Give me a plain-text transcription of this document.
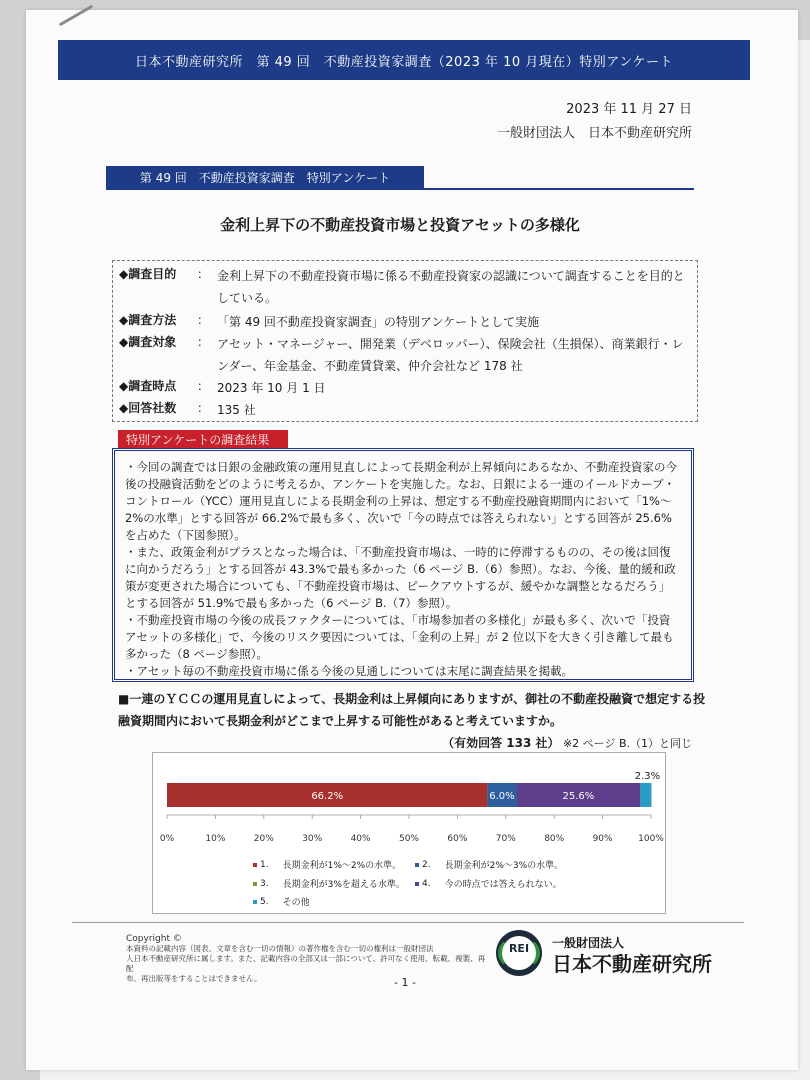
日本不動産研究所　第 49 回　不動産投資家調査（2023 年 10 月現在）特別アンケート
2023 年 11 月 27 日
一般財団法人　日本不動産研究所
第 49 回　不動産投資家調査　特別アンケート
金利上昇下の不動産投資市場と投資アセットの多様化
◆調査目的	： 金利上昇下の不動産投資市場に係る不動産投資家の認識について調査することを目的としている。
◆調査方法	： 「第 49 回不動産投資家調査」の特別アンケートとして実施
◆調査対象	： アセット・マネージャー、開発業（デベロッパー）、保険会社（生損保）、商業銀行・レンダー、年金基金、不動産賃貸業、仲介会社など 178 社
◆調査時点	： 2023 年 10 月 1 日
◆回答社数	： 135 社
特別アンケートの調査結果

・今回の調査では日銀の金融政策の運用見直しによって長期金利が上昇傾向にあるなか、不動産投資家の今後の投融資活動をどのように考えるか、アンケートを実施した。なお、日銀による一連のイールドカーブ・コントロール（YCC）運用見直しによる長期金利の上昇は、想定する不動産投融資期間内において「1%～2%の水準」とする回答が 66.2%で最も多く、次いで「今の時点では答えられない」とする回答が 25.6%を占めた（下図参照）。

・また、政策金利がプラスとなった場合は、「不動産投資市場は、一時的に停滞するものの、その後は回復に向かうだろう」とする回答が 43.3%で最も多かった（6 ページ B.（6）参照）。なお、今後、量的緩和政策が変更された場合についても、「不動産投資市場は、ピークアウトするが、緩やかな調整となるだろう」とする回答が 51.9%で最も多かった（6 ページ B.（7）参照）。

・不動産投資市場の今後の成長ファクターについては、「市場参加者の多様化」が最も多く、次いで「投資アセットの多様化」で、今後のリスク要因については、「金利の上昇」が 2 位以下を大きく引き離して最も多かった（8 ページ参照）。

・アセット毎の不動産投資市場に係る今後の見通しについては末尾に調査結果を掲載。

■一連のＹＣＣの運用見直しによって、長期金利は上昇傾向にありますが、御社の不動産投融資で想定する投融資期間内において長期金利がどこまで上昇する可能性があると考えていますか。
（有効回答 133 社） ※2 ページ B.（1）と同じ
0%	10%	20%	30%	40%	50%	60%	70%	80%	90%	100%
66.2%	6.0%	25.6%
2.3%
1. 長期金利が1%～2%の水準。 2. 長期金利が2%～3%の水準。
3. 長期金利が3%を超える水準。 4. 今の時点では答えられない。
5. その他
Copyright ©
本資料の記載内容（図表、文章を含む一切の情報）の著作権を含む一切の権利は一般財団法
人日本不動産研究所に属します。また、記載内容の全部又は一部について、許可なく使用、転載、複製、再配
布、再出版等をすることはできません。
REI	一般財団法人
日本不動産研究所
- 1 -
